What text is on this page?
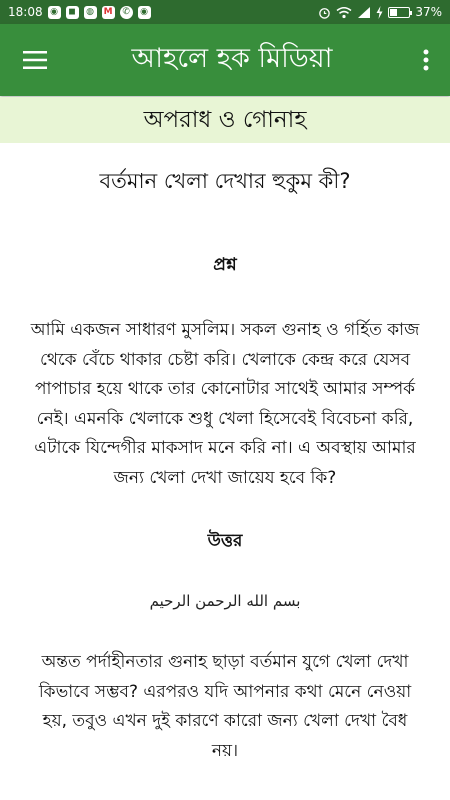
18:08 ◉	◼	◍ M	✆	◉	37%
আহলে হক মিডিয়া
অপরাধ ও গোনাহ
বর্তমান খেলা দেখার হুকুম কী?
প্রশ্ন
আমি একজন সাধারণ মুসলিম। সকল গুনাহ ও গর্হিত কাজ থেকে বেঁচে থাকার চেষ্টা করি। খেলাকে কেন্দ্র করে যেসব পাপাচার হয়ে থাকে তার কোনোটার সাথেই আমার সম্পর্ক নেই। এমনকি খেলাকে শুধু খেলা হিসেবেই বিবেচনা করি, এটাকে যিন্দেগীর মাকসাদ মনে করি না। এ অবস্থায় আমার জন্য খেলা দেখা জায়েয হবে কি?
উত্তর
بسم الله الرحمن الرحيم
অন্তত পর্দাহীনতার গুনাহ ছাড়া বর্তমান যুগে খেলা দেখা কিভাবে সম্ভব? এরপরও যদি আপনার কথা মেনে নেওয়া হয়, তবুও এখন দুই কারণে কারো জন্য খেলা দেখা বৈধ নয়।
